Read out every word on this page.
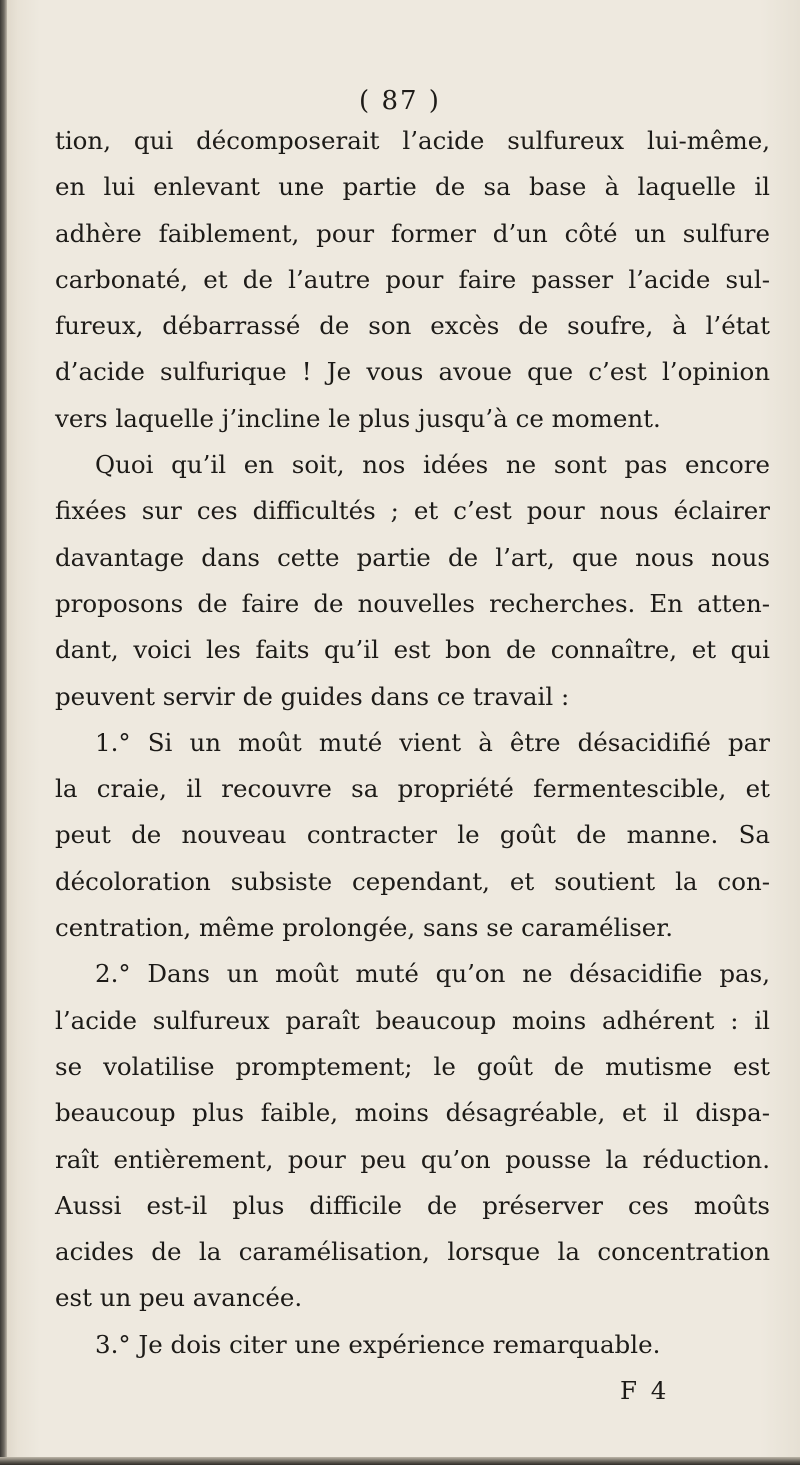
( 87 )
tion, qui décomposerait l’acide sulfureux lui-même,
en lui enlevant une partie de sa base à laquelle il
adhère faiblement, pour former d’un côté un sulfure
carbonaté, et de l’autre pour faire passer l’acide sul-
fureux, débarrassé de son excès de soufre, à l’état
d’acide sulfurique ! Je vous avoue que c’est l’opinion
vers laquelle j’incline le plus jusqu’à ce moment.
Quoi qu’il en soit, nos idées ne sont pas encore
fixées sur ces difficultés ; et c’est pour nous éclairer
davantage dans cette partie de l’art, que nous nous
proposons de faire de nouvelles recherches. En atten-
dant, voici les faits qu’il est bon de connaître, et qui
peuvent servir de guides dans ce travail :
1.° Si un moût muté vient à être désacidifié par
la craie, il recouvre sa propriété fermentescible, et
peut de nouveau contracter le goût de manne. Sa
décoloration subsiste cependant, et soutient la con-
centration, même prolongée, sans se caraméliser.
2.° Dans un moût muté qu’on ne désacidifie pas,
l’acide sulfureux paraît beaucoup moins adhérent : il
se volatilise promptement; le goût de mutisme est
beaucoup plus faible, moins désagréable, et il dispa-
raît entièrement, pour peu qu’on pousse la réduction.
Aussi est-il plus difficile de préserver ces moûts
acides de la caramélisation, lorsque la concentration
est un peu avancée.
3.° Je dois citer une expérience remarquable.
F 4
